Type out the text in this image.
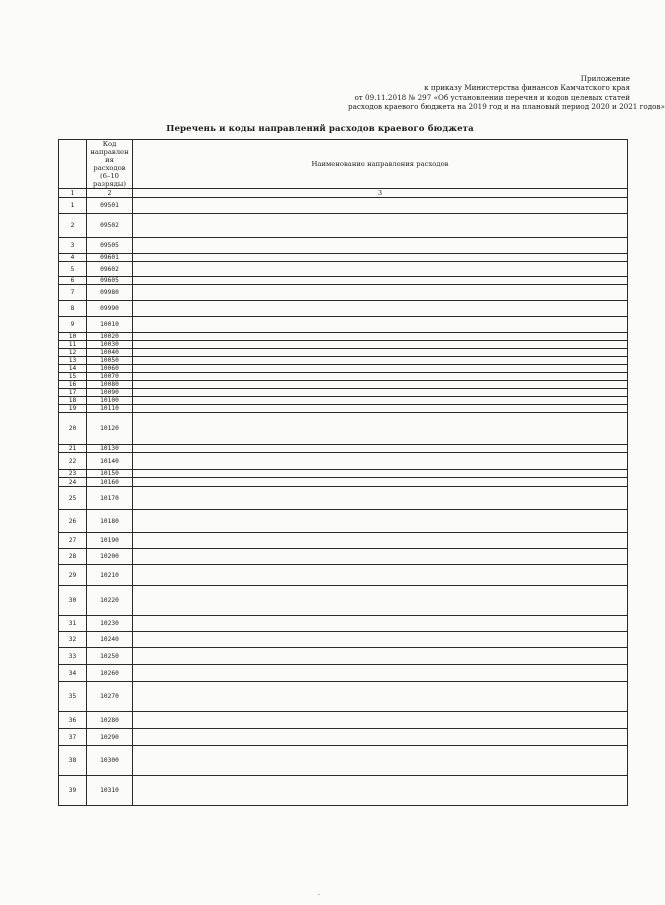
Приложение
к приказу Министерства финансов Камчатского края
от 09.11.2018 № 297 «Об установлении перечня и кодов целевых статей
расходов краевого бюджета на 2019 год и на плановый период 2020 и 2021 годов»
Перечень и коды направлений расходов краевого бюджета
	Код направления расходов (6–10 разряды)	Наименование направления расходов
1	2	3
1	09501	
2	09502	
3	09505	
4	09601	
5	09602	
6	09605	
7	09980	
8	09990	
9	10010	
10	10020	
11	10030	
12	10040	
13	10050	
14	10060	
15	10070	
16	10080	
17	10090	
18	10100	
19	10110	
20	10120	
21	10130	
22	10140	
23	10150	
24	10160	
25	10170	
26	10180	
27	10190	
28	10200	
29	10210	
30	10220	
31	10230	
32	10240	
33	10250	
34	10260	
35	10270	
36	10280	
37	10290	
38	10300	
39	10310	
·
